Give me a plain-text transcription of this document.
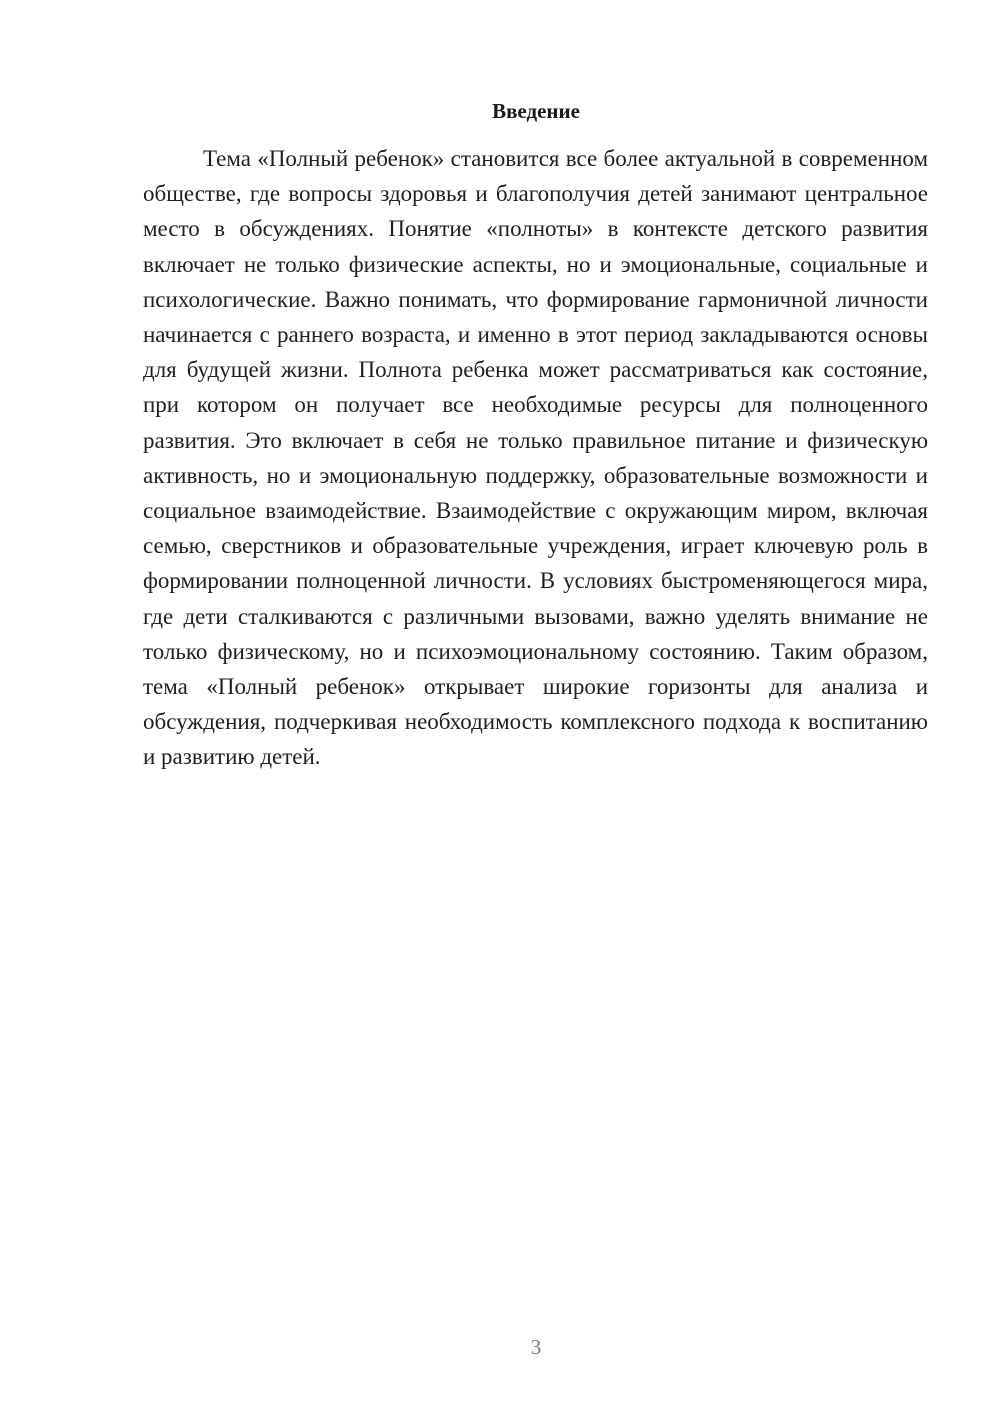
Введение

Тема «Полный ребенок» становится все более актуальной в современном обществе, где вопросы здоровья и благополучия детей занимают центральное место в обсуждениях. Понятие «полноты» в контексте детского развития включает не только физические аспекты, но и эмоциональные, социальные и психологические. Важно понимать, что формирование гармоничной личности начинается с раннего возраста, и именно в этот период закладываются основы для будущей жизни. Полнота ребенка может рассматриваться как состояние, при котором он получает все необходимые ресурсы для полноценного развития. Это включает в себя не только правильное питание и физическую активность, но и эмоциональную поддержку, образовательные возможности и социальное взаимодействие. Взаимодействие с окружающим миром, включая семью, сверстников и образовательные учреждения, играет ключевую роль в формировании полноценной личности. В условиях быстроменяющегося мира, где дети сталкиваются с различными вызовами, важно уделять внимание не только физическому, но и психоэмоциональному состоянию. Таким образом, тема «Полный ребенок» открывает широкие горизонты для анализа и обсуждения, подчеркивая необходимость комплексного подхода к воспитанию и развитию детей.

3
